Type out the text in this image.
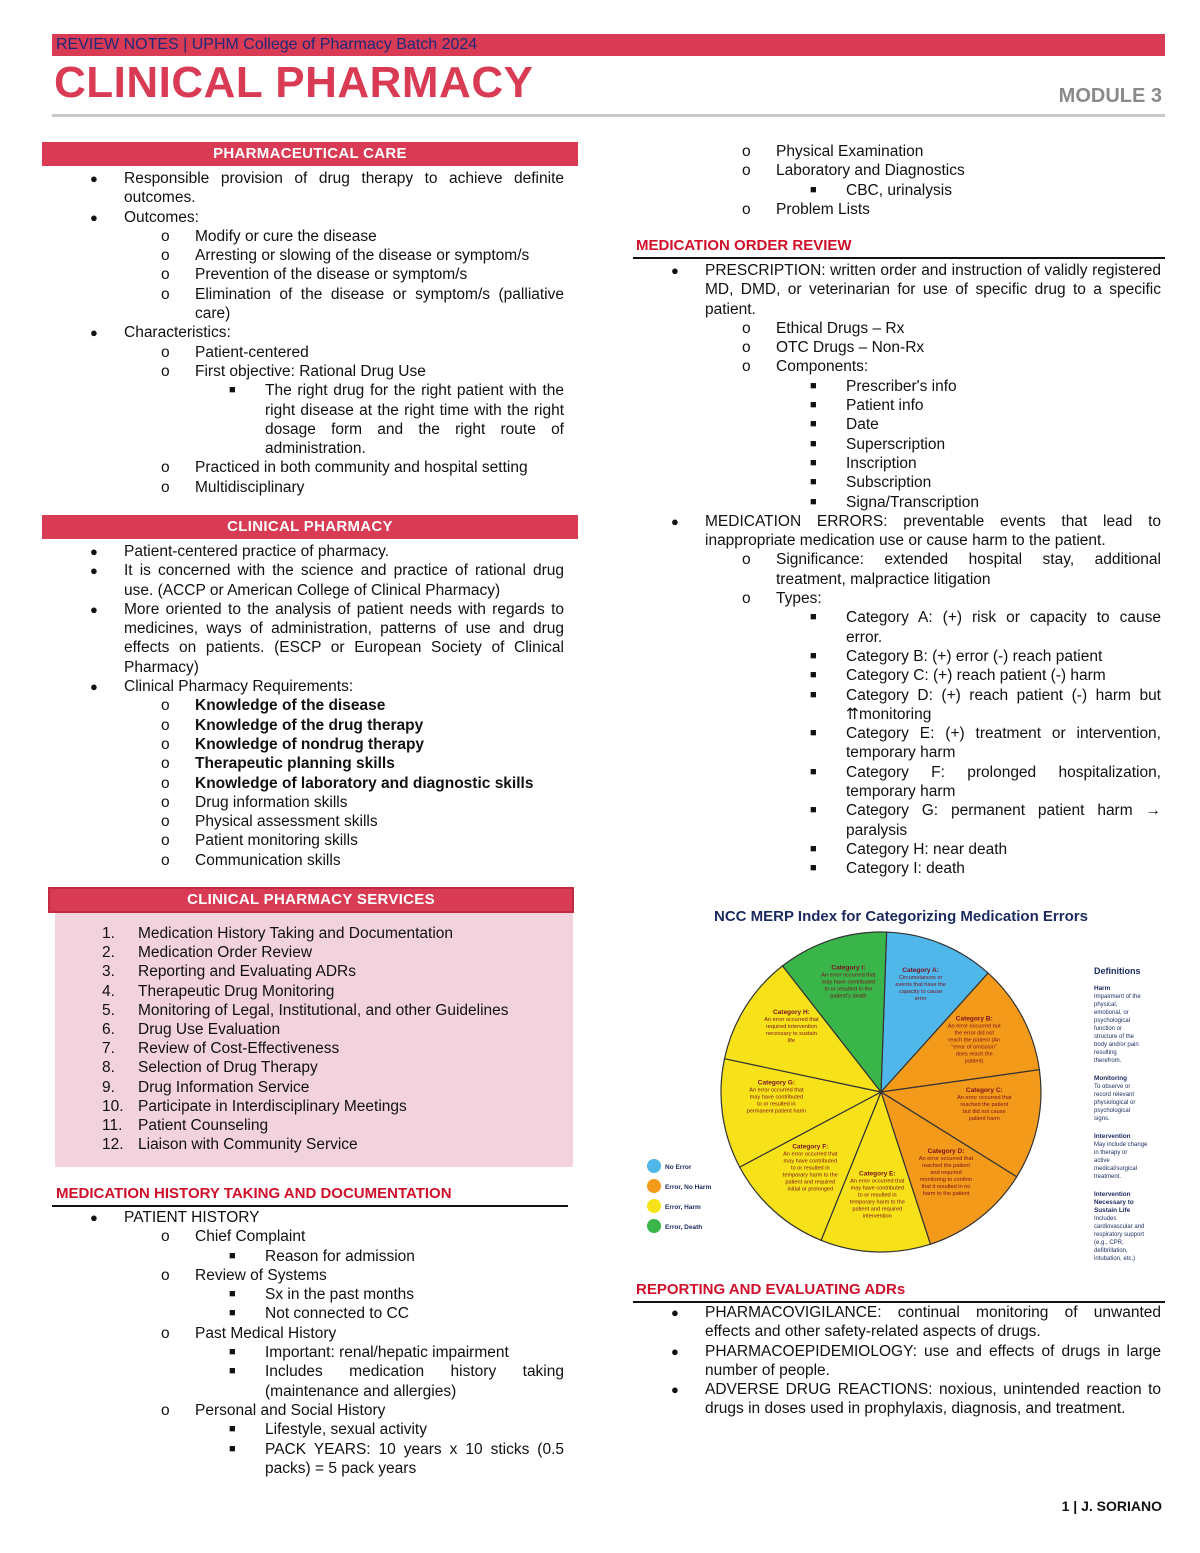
REVIEW NOTES | UPHM College of Pharmacy Batch 2024
CLINICAL PHARMACY	MODULE 3
PHARMACEUTICAL CARE
● Responsible provision of drug therapy to achieve definite outcomes.
● Outcomes:
o Modify or cure the disease
o Arresting or slowing of the disease or symptom/s
o Prevention of the disease or symptom/s
o Elimination of the disease or symptom/s (palliative care)
● Characteristics:
o Patient-centered
o First objective: Rational Drug Use
■ The right drug for the right patient with the right disease at the right time with the right dosage form and the right route of administration.
o Practiced in both community and hospital setting
o Multidisciplinary
CLINICAL PHARMACY
● Patient-centered practice of pharmacy.
● It is concerned with the science and practice of rational drug use. (ACCP or American College of Clinical Pharmacy)
● More oriented to the analysis of patient needs with regards to medicines, ways of administration, patterns of use and drug effects on patients. (ESCP or European Society of Clinical Pharmacy)
● Clinical Pharmacy Requirements:
o Knowledge of the disease
o Knowledge of the drug therapy
o Knowledge of nondrug therapy
o Therapeutic planning skills
o Knowledge of laboratory and diagnostic skills
o Drug information skills
o Physical assessment skills
o Patient monitoring skills
o Communication skills
CLINICAL PHARMACY SERVICES
1.	Medication History Taking and Documentation
2.	Medication Order Review
3.	Reporting and Evaluating ADRs
4.	Therapeutic Drug Monitoring
5.	Monitoring of Legal, Institutional, and other Guidelines
6.	Drug Use Evaluation
7.	Review of Cost-Effectiveness
8.	Selection of Drug Therapy
9.	Drug Information Service
10. Participate in Interdisciplinary Meetings
11.	Patient Counseling
12. Liaison with Community Service
MEDICATION HISTORY TAKING AND DOCUMENTATION
● PATIENT HISTORY
o Chief Complaint
■ Reason for admission
o Review of Systems
■ Sx in the past months
■ Not connected to CC
o Past Medical History
■ Important: renal/hepatic impairment
■ Includes medication history taking (maintenance and allergies)
o Personal and Social History
■ Lifestyle, sexual activity
■ PACK YEARS: 10 years x 10 sticks (0.5 packs) = 5 pack years
o Physical Examination
o Laboratory and Diagnostics
■ CBC, urinalysis
o Problem Lists
MEDICATION ORDER REVIEW
● PRESCRIPTION: written order and instruction of validly registered MD, DMD, or veterinarian for use of specific drug to a specific patient.
o Ethical Drugs – Rx
o OTC Drugs – Non-Rx
o Components:
■ Prescriber's info
■ Patient info
■ Date
■ Superscription
■ Inscription
■ Subscription
■ Signa/Transcription
● MEDICATION ERRORS: preventable events that lead to inappropriate medication use or cause harm to the patient.
o Significance: extended hospital stay, additional treatment, malpractice litigation
o Types:
■ Category A: (+) risk or capacity to cause error.
■ Category B: (+) error (-) reach patient
■ Category C: (+) reach patient (-) harm
■ Category D: (+) reach patient (-) harm but ⇈monitoring
■ Category E: (+) treatment or intervention, temporary harm
■ Category F: prolonged hospitalization, temporary harm
■ Category G: permanent patient harm → paralysis
■ Category H: near death
■ Category I: death
NCC MERP Index for Categorizing Medication Errors
Category A: Circumstances or events that have the capacity to cause error
Category B: An error occurred but the error did not reach the patient (An "error of omission" does reach the patient)
Category C: An error occurred that reached the patient but did not cause patient harm
Category D: An error occurred that reached the patient and required monitoring to confirm that it resulted in no harm to the patient
Category E: An error occurred that may have contributed to or resulted in temporary harm to the patient and required intervention
Category F: An error occurred that may have contributed to or resulted in temporary harm to the patient and required initial or prolonged
Category G: An error occurred that may have contributed to or resulted in permanent patient harm
Category H: An error occurred that required intervention necessary to sustain life
Category I: An error occurred that may have contributed to or resulted in the patient's death
No Error
Error, No Harm
Error, Harm
Error, Death
Definitions
Harm Impairment of the physical, emotional, or psychological function or structure of the body and/or pain resulting therefrom.
Monitoring To observe or record relevant physiological or psychological signs.
Intervention May include change in therapy or active medical/surgical treatment.
Intervention Necessary to Sustain Life Includes cardiovascular and respiratory support (e.g., CPR, defibrillation, intubation, etc.)
REPORTING AND EVALUATING ADRs
● PHARMACOVIGILANCE: continual monitoring of unwanted effects and other safety-related aspects of drugs.
● PHARMACOEPIDEMIOLOGY: use and effects of drugs in large number of people.
● ADVERSE DRUG REACTIONS: noxious, unintended reaction to drugs in doses used in prophylaxis, diagnosis, and treatment.
1 | J. SORIANO
